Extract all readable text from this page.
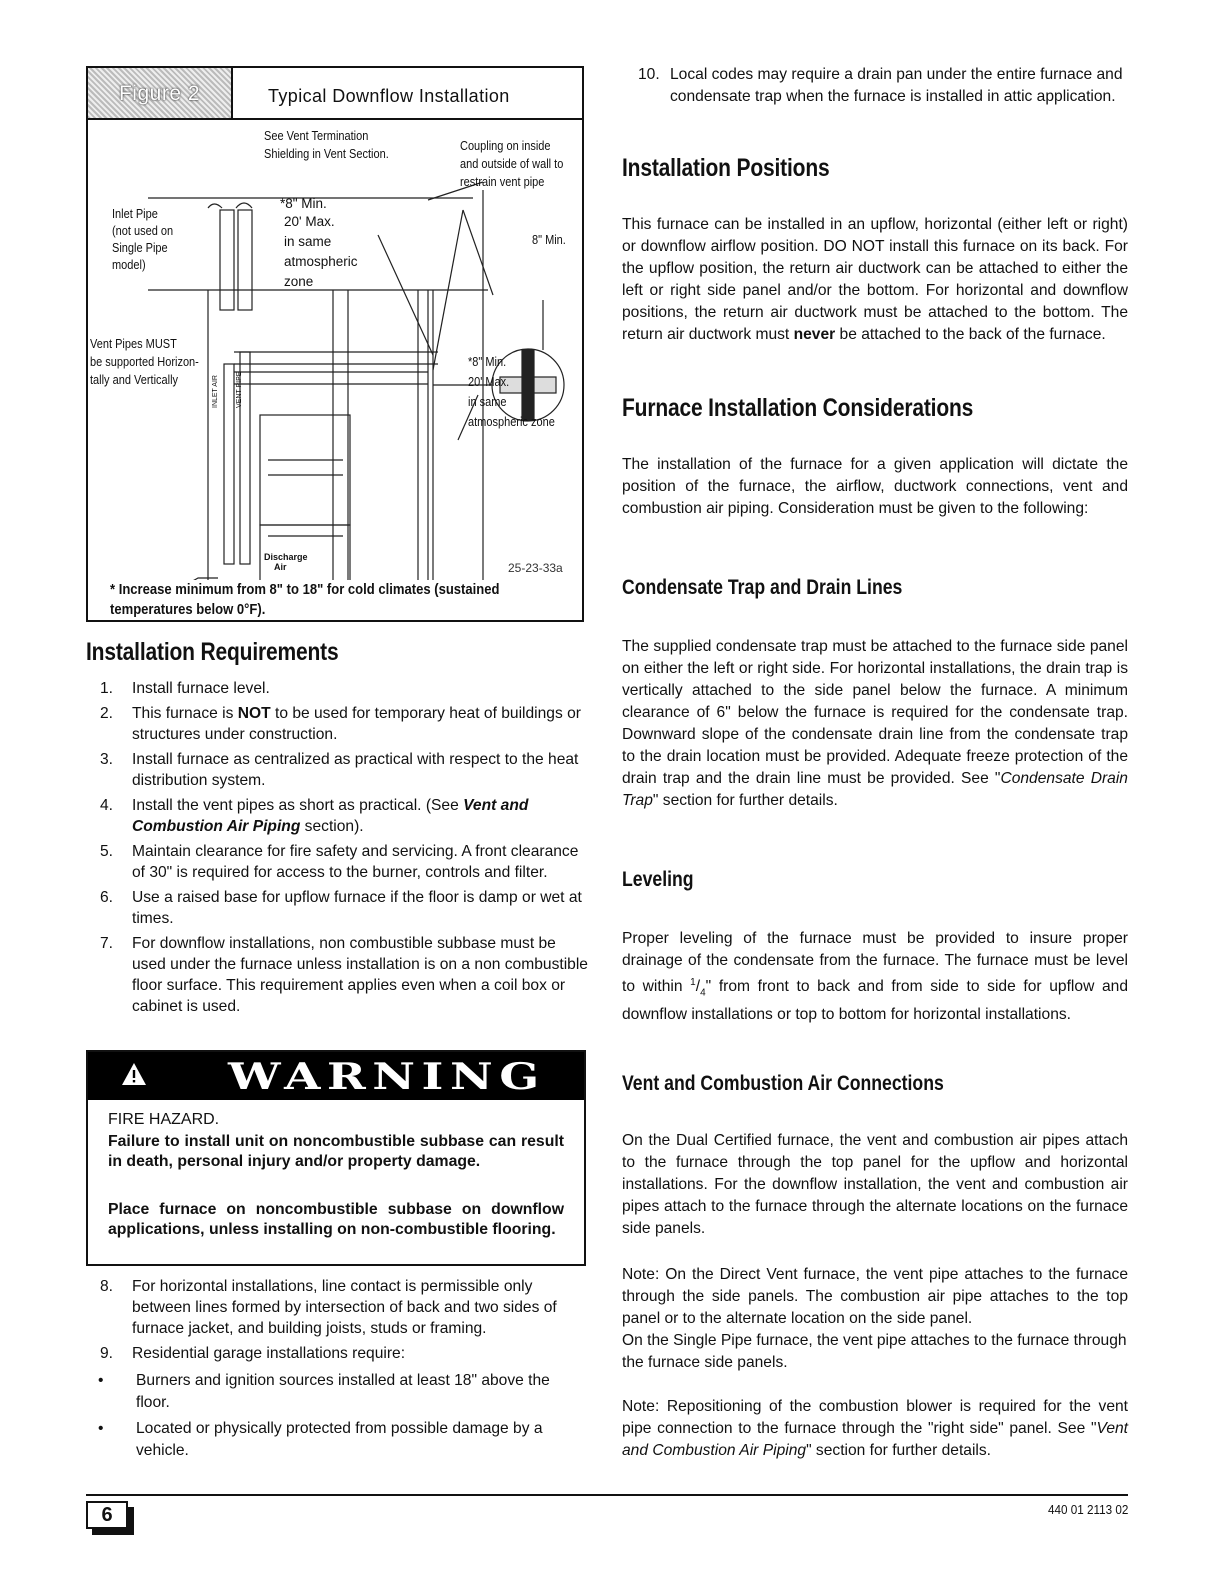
Figure 2	Typical Downflow Installation
See Vent Termination
Shielding in Vent Section.
Coupling on inside
and outside of wall to
restrain vent pipe
Inlet Pipe
(not used on
Single Pipe
model)
*8" Min.
20' Max.
in same
atmospheric
zone
8" Min.
Vent Pipes MUST
be supported Horizon-
tally and Vertically
*8" Min.
20' Max.
in same
atmospheric zone
INLET AIR	VENT PIPE
Discharge
Air	25-23-33a
* Increase minimum from 8" to 18" for cold climates (sustained temperatures below 0°F).
Installation Requirements
1. Install furnace level.
2. This furnace is NOT to be used for temporary heat of buildings or structures under construction.
3. Install furnace as centralized as practical with respect to the heat distribution system.
4. Install the vent pipes as short as practical. (See Vent and Combustion Air Piping section).
5. Maintain clearance for fire safety and servicing. A front clearance of 30" is required for access to the burner, controls and filter.
6. Use a raised base for upflow furnace if the floor is damp or wet at times.
7. For downflow installations, non combustible subbase must be used under the furnace unless installation is on a non combustible floor surface. This requirement applies even when a coil box or cabinet is used.
WARNING
FIRE HAZARD.
Failure to install unit on noncombustible subbase can result in death, personal injury and/or property damage.
Place furnace on noncombustible subbase on downflow applications, unless installing on non-combustible flooring.
8. For horizontal installations, line contact is permissible only between lines formed by intersection of back and two sides of furnace jacket, and building joists, studs or framing.
9. Residential garage installations require:
•	Burners and ignition sources installed at least 18" above the floor.
•	Located or physically protected from possible damage by a vehicle.
10. Local codes may require a drain pan under the entire furnace and condensate trap when the furnace is installed in attic application.
Installation Positions

This furnace can be installed in an upflow, horizontal (either left or right) or downflow airflow position. DO NOT install this furnace on its back. For the upflow position, the return air ductwork can be attached to either the left or right side panel and/or the bottom. For horizontal and downflow positions, the return air ductwork must be attached to the bottom. The return air ductwork must never be attached to the back of the furnace.

Furnace Installation Considerations

The installation of the furnace for a given application will dictate the position of the furnace, the airflow, ductwork connections, vent and combustion air piping. Consideration must be given to the following:

Condensate Trap and Drain Lines

The supplied condensate trap must be attached to the furnace side panel on either the left or right side. For horizontal installations, the drain trap is vertically attached to the side panel below the furnace. A minimum clearance of 6" below the furnace is required for the condensate trap. Downward slope of the condensate drain line from the condensate trap to the drain location must be provided. Adequate freeze protection of the drain trap and the drain line must be provided. See "Condensate Drain Trap" section for further details.

Leveling

Proper leveling of the furnace must be provided to insure proper drainage of the condensate from the furnace. The furnace must be level to within $^1/_4$" from front to back and from side to side for upflow and downflow installations or top to bottom for horizontal installations.

Vent and Combustion Air Connections

On the Dual Certified furnace, the vent and combustion air pipes attach to the furnace through the top panel for the upflow and horizontal installations. For the downflow installation, the vent and combustion air pipes attach to the furnace through the alternate locations on the furnace side panels.

Note: On the Direct Vent furnace, the vent pipe attaches to the furnace through the side panels. The combustion air pipe attaches to the top panel or to the alternate location on the side panel.

On the Single Pipe furnace, the vent pipe attaches to the furnace through the furnace side panels.

Note: Repositioning of the combustion blower is required for the vent pipe connection to the furnace through the "right side" panel. See "Vent and Combustion Air Piping" section for further details.

6	440 01 2113 02
